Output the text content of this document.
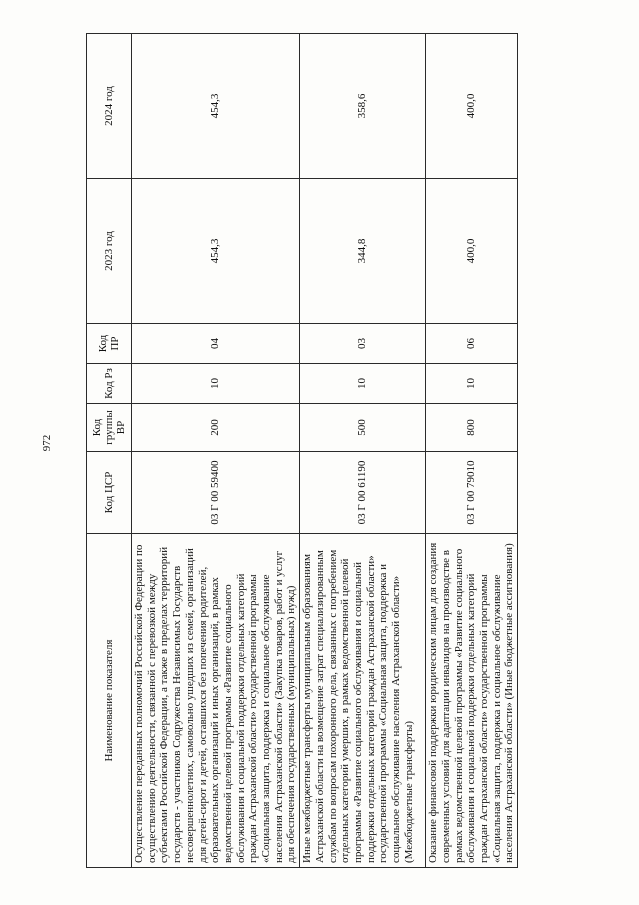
972
Наименование показателя	Код ЦСР	Код группы ВР	Код Рз	Код ПР	2023 год	2024 год
Осуществление переданных полномочий Российской Федерации по осуществлению деятельности, связанной с перевозкой между субъектами Российской Федерации, а также в пределах территорий государств - участников Содружества Независимых Государств несовершеннолетних, самовольно ушедших из семей, организаций для детей-сирот и детей, оставшихся без попечения родителей, образовательных организаций и иных организаций, в рамках ведомственной целевой программы «Развитие социального обслуживания и социальной поддержки отдельных категорий граждан Астраханской области» государственной программы «Социальная защита, поддержка и социальное обслуживание населения Астраханской области» (Закупка товаров, работ и услуг для обеспечения государственных (муниципальных) нужд)	03 Г 00 59400	200	10	04	454,3	454,3
Иные межбюджетные трансферты муниципальным образованиям Астраханской области на возмещение затрат специализированным службам по вопросам похоронного дела, связанных с погребением отдельных категорий умерших, в рамках ведомственной целевой программы «Развитие социального обслуживания и социальной поддержки отдельных категорий граждан Астраханской области» государственной программы «Социальная защита, поддержка и социальное обслуживание населения Астраханской области» (Межбюджетные трансферты)	03 Г 00 61190	500	10	03	344,8	358,6
Оказание финансовой поддержки юридическим лицам для создания современных условий для адаптации инвалидов на производстве в рамках ведомственной целевой программы «Развитие социального обслуживания и социальной поддержки отдельных категорий граждан Астраханской области» государственной программы «Социальная защита, поддержка и социальное обслуживание населения Астраханской области» (Иные бюджетные ассигнования)	03 Г 00 79010	800	10	06	400,0	400,0
